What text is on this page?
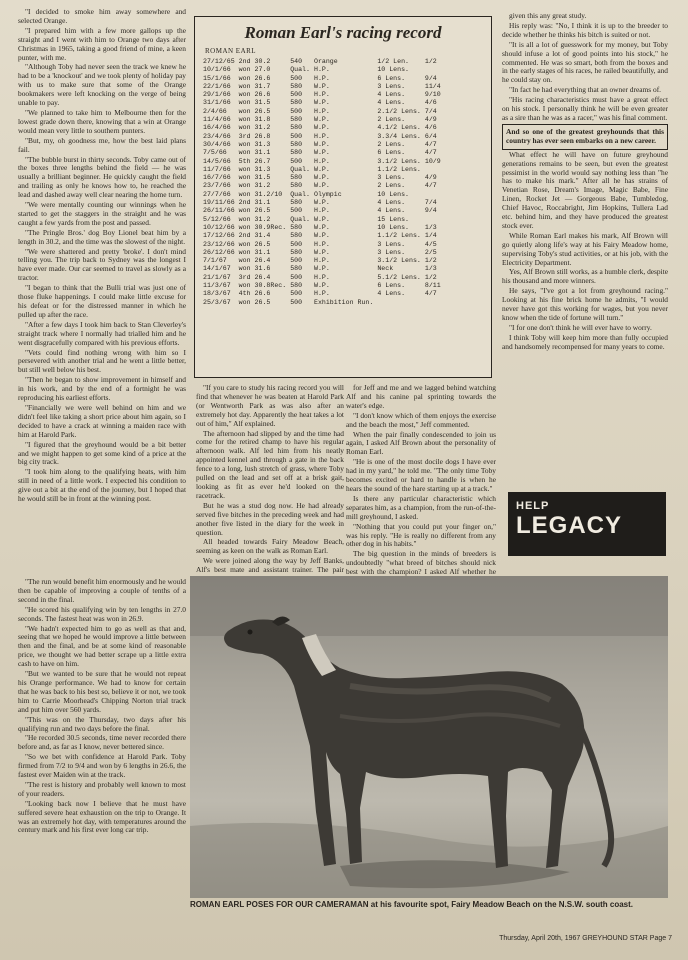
"I decided to smoke him away somewhere and selected Orange.

"I prepared him with a few more gallops up the straight and I went with him to Orange two days after Christmas in 1965, taking a good friend of mine, a keen punter, with me.

"Although Toby had never seen the track we knew he had to be a 'knockout' and we took plenty of holiday pay with us to make sure that some of the Orange bookmakers were left knocking on the verge of being unable to pay.

"We planned to take him to Melbourne then for the lowest grade down there, knowing that a win at Orange would mean very little to southern punters.

"But, my, oh goodness me, how the best laid plans fail.

"The bubble burst in thirty seconds. Toby came out of the boxes three lengths behind the field — he was usually a brilliant beginner. He quickly caught the field and trailing as only he knows how to, he reached the lead and dashed away well clear nearing the home turn.

"We were mentally counting our winnings when he started to get the staggers in the straight and he was caught a few yards from the post and passed.

"The Pringle Bros.' dog Boy Lionel beat him by a length in 30.2, and the time was the slowest of the night.

"We were shattered and pretty 'broke'. I don't mind telling you. The trip back to Sydney was the longest I have ever made. Our car seemed to travel as slowly as a tractor.

"I began to think that the Bulli trial was just one of those fluke happenings. I could make little excuse for his defeat or for the distressed manner in which he pulled up after the race.

"After a few days I took him back to Stan Cleverley's straight track where I normally had trialled him and he went disgracefully compared with his previous efforts.

"Vets could find nothing wrong with him so I persevered with another trial and he went a little better, but still well below his best.

"Then he began to show improvement in himself and in his work, and by the end of a fortnight he was reproducing his earliest efforts.

"Financially we were well behind on him and we didn't feel like taking a short price about him again, so I decided to have a crack at winning a maiden race with him at Harold Park.

"I figured that the greyhound would be a bit better and we might happen to get some kind of a price at the big city track.

"I took him along to the qualifying heats, with him still in need of a little work. I expected his condition to give out a bit at the end of the journey, but I hoped that he would still be in front at the winning post.

Roman Earl's racing record
ROMAN EARL
27/12/65	2nd	30.2	540	Orange	1/2 Len.	1/2
10/1/66	won	27.0	Qual.	H.P.	10 Lens.	
15/1/66	won	26.6	500	H.P.	6 Lens.	9/4
22/1/66	won	31.7	580	W.P.	3 Lens.	11/4
29/1/66	won	26.6	500	H.P.	4 Lens.	9/10
31/1/66	won	31.5	580	W.P.	4 Lens.	4/6
2/4/66	won	26.5	500	H.P.	2.1/2 Lens.	7/4
11/4/66	won	31.8	580	W.P.	2 Lens.	4/9
16/4/66	won	31.2	580	W.P.	4.1/2 Lens.	4/6
23/4/66	3rd	26.8	500	H.P.	3.3/4 Lens.	6/4
30/4/66	won	31.3	580	W.P.	2 Lens.	4/7
7/5/66	won	31.1	580	W.P.	6 Lens.	4/7
14/5/66	5th	26.7	500	H.P.	3.1/2 Lens.	10/9
11/7/66	won	31.3	Qual.	W.P.	1.1/2 Lens.	
16/7/66	won	31.5	580	W.P.	3 Lens.	4/9
23/7/66	won	31.2	580	W.P.	2 Lens.	4/7
27/7/66	won	31.2/10	Qual.	Olympic	10 Lens.	
19/11/66	2nd	31.1	580	W.P.	4 Lens.	7/4
26/11/66	won	26.5	500	H.P.	4 Lens.	9/4
5/12/66	won	31.2	Qual.	W.P.	15 Lens.	
10/12/66	won	30.9Rec.	580	W.P.	10 Lens.	1/3
17/12/66	2nd	31.4	580	W.P.	1.1/2 Lens.	1/4
23/12/66	won	26.5	500	H.P.	3 Lens.	4/5
26/12/66	won	31.1	580	W.P.	3 Lens.	2/5
7/1/67	won	26.4	500	H.P.	3.1/2 Lens.	1/2
14/1/67	won	31.6	580	W.P.	Neck	1/3
21/1/67	3rd	26.4	500	H.P.	5.1/2 Lens.	1/2
11/3/67	won	30.8Rec.	580	W.P.	6 Lens.	8/11
18/3/67	4th	26.6	500	H.P.	4 Lens.	4/7
25/3/67	won	26.5	500	Exhibition Run.		

given this any great study.

His reply was: "No, I think it is up to the breeder to decide whether he thinks his bitch is suited or not.

"It is all a lot of guesswork for my money, but Toby should infuse a lot of good points into his stock," he commented. He was so smart, both from the boxes and in the early stages of his races, he railed beautifully, and he could stay on.

"In fact he had everything that an owner dreams of.

"His racing characteristics must have a great effect on his stock. I personally think he will be even greater as a sire than he was as a racer," was his final comment.

And so one of the greatest greyhounds that this country has ever seen embarks on a new career.

What effect he will have on future greyhound generations remains to be seen, but even the greatest pessimist in the world would say nothing less than "he has to make his mark." After all he has strains of Venetian Rose, Dream's Image, Magic Babe, Fine Linen, Rocket Jet — Gorgeous Babe, Tumbledog, Chief Havoc, Roccabright, Jim Hopkins, Tullera Lad etc. behind him, and they have produced the greatest stock ever.

While Roman Earl makes his mark, Alf Brown will go quietly along life's way at his Fairy Meadow home, supervising Toby's stud activities, or at his job, with the Electricity Department.

Yes, Alf Brown still works, as a humble clerk, despite his thousand and more winners.

He says, "I've got a lot from greyhound racing." Looking at his fine brick home he admits, "I would never have got this working for wages, but you never know when the tide of fortune will turn."

"I for one don't think he will ever have to worry.

I think Toby will keep him more than fully occupied and handsomely recompensed for many years to come.

"If you care to study his racing record you will find that whenever he was beaten at Harold Park (or Wentworth Park as was also after an extremely hot day. Apparently the heat takes a lot out of him," Alf explained.

The afternoon had slipped by and the time had come for the retired champ to have his regular afternoon walk. Alf led him from his neatly appointed kennel and through a gate in the back fence to a long, lush stretch of grass, where Toby pulled on the lead and set off at a brisk gait, looking as fit as ever he'd looked on the racetrack.

But he was a stud dog now. He had already served five bitches in the preceding week and had another five listed in the diary for the week in question.

All headed towards Fairy Meadow Beach, seeming as keen on the walk as Roman Earl.

We were joined along the way by Jeff Banks, Alf's best mate and assistant trainer. The pair

for Jeff and me and we lagged behind watching Alf and his canine pal sprinting towards the water's edge.

"I don't know which of them enjoys the exercise and the beach the most," Jeff commented.

When the pair finally condescended to join us again, I asked Alf Brown about the personality of Roman Earl.

"He is one of the most docile dogs I have ever had in my yard," he told me. "The only time Toby becomes excited or hard to handle is when he hears the sound of the hare starting up at a track."

Is there any particular characteristic which separates him, as a champion, from the run-of-the-mill greyhound, I asked.

"Nothing that you could put your finger on," was his reply. "He is really no different from any other dog in his habits."

The big question in the minds of breeders is undoubtedly "what breed of bitches should nick best with the champion? I asked Alf whether he

HELP
LEGACY

"The run would benefit him enormously and he would then be capable of improving a couple of tenths of a second in the final.

"He scored his qualifying win by ten lengths in 27.0 seconds. The fastest heat was won in 26.9.

"We hadn't expected him to go as well as that and, seeing that we hoped he would improve a little between then and the final, and be at some kind of reasonable price, we thought we had better scrape up a little extra cash to have on him.

"But we wanted to be sure that he would not repeat his Orange performance. We had to know for certain that he was back to his best so, believe it or not, we took him to Carrie Moorhead's Chipping Norton trial track and put him over 560 yards.

"This was on the Thursday, two days after his qualifying run and two days before the final.

"He recorded 30.5 seconds, time never recorded there before and, as far as I know, never bettered since.

"So we bet with confidence at Harold Park. Toby firmed from 7/2 to 9/4 and won by 6 lengths in 26.6, the fastest ever Maiden win at the track.

"The rest is history and probably well known to most of your readers.

"Looking back now I believe that he must have suffered severe heat exhaustion on the trip to Orange. It was an extremely hot day, with temperatures around the century mark and his first ever long car trip.

ROMAN EARL POSES FOR OUR CAMERAMAN at his favourite spot, Fairy Meadow Beach on the N.S.W. south coast.
Thursday, April 20th, 1967 GREYHOUND STAR Page 7
